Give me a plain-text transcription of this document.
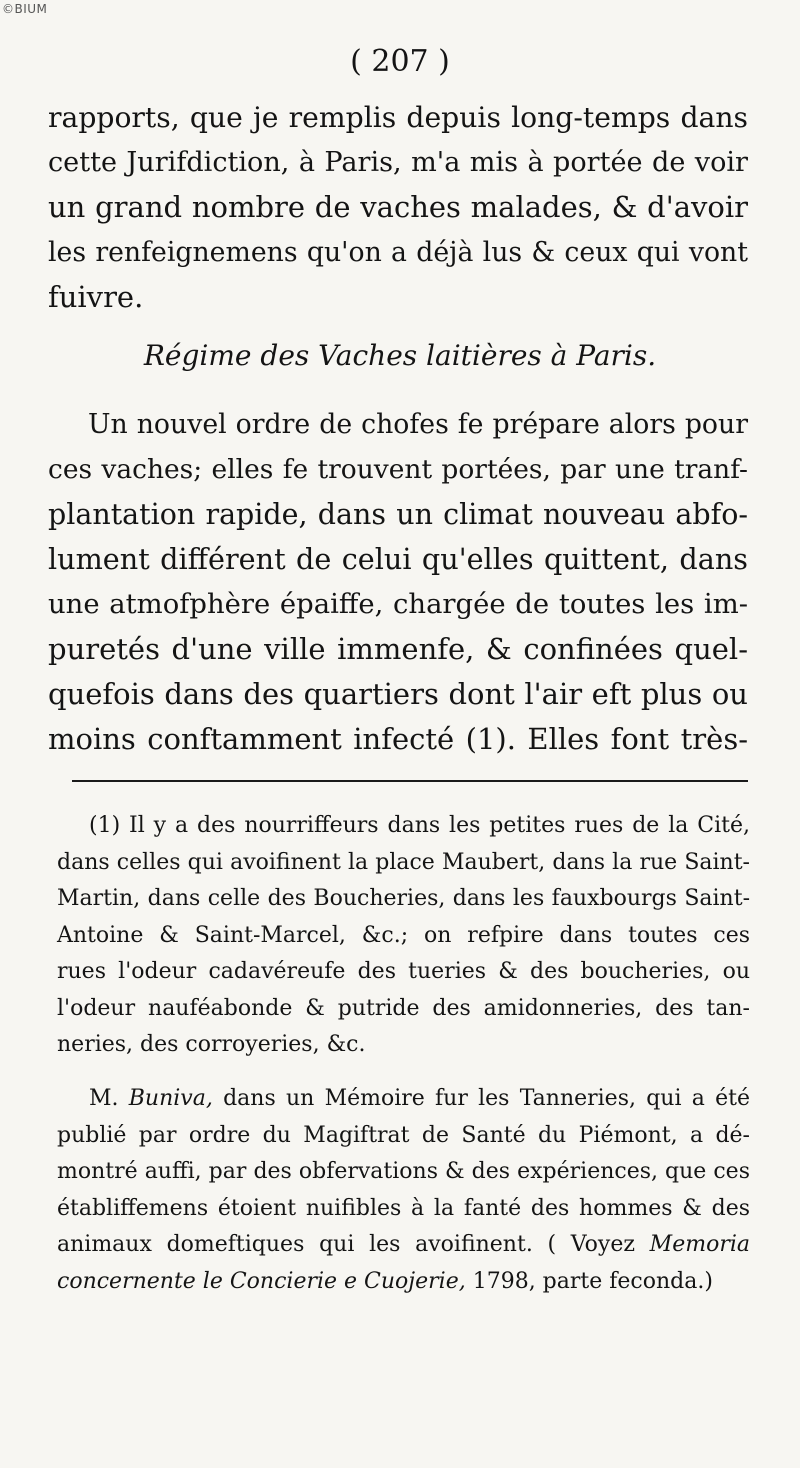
©BIUM
( 207 )
rapports, que je remplis depuis long-temps dans
cette Jurifdiction, à Paris, m'a mis à portée de voir
un grand nombre de vaches malades, & d'avoir
les renfeignemens qu'on a déjà lus & ceux qui vont
fuivre.
Régime des Vaches laitières à Paris.
Un nouvel ordre de chofes fe prépare alors pour
ces vaches; elles fe trouvent portées, par une tranf-
plantation rapide, dans un climat nouveau abfo-
lument différent de celui qu'elles quittent, dans
une atmofphère épaiffe, chargée de toutes les im-
puretés d'une ville immenfe, & confinées quel-
quefois dans des quartiers dont l'air eft plus ou
moins conftamment infecté (1). Elles font très-
(1) Il y a des nourriffeurs dans les petites rues de la Cité,
dans celles qui avoifinent la place Maubert, dans la rue Saint-
Martin, dans celle des Boucheries, dans les fauxbourgs Saint-
Antoine & Saint-Marcel, &c.; on refpire dans toutes ces
rues l'odeur cadavéreufe des tueries & des boucheries, ou
l'odeur nauféabonde & putride des amidonneries, des tan-
neries, des corroyeries, &c.
M. Buniva, dans un Mémoire fur les Tanneries, qui a été
publié par ordre du Magiftrat de Santé du Piémont, a dé-
montré auffi, par des obfervations & des expériences, que ces
établiffemens étoient nuifibles à la fanté des hommes & des
animaux domeftiques qui les avoifinent. ( Voyez Memoria
concernente le Concierie e Cuojerie, 1798, parte feconda.)
